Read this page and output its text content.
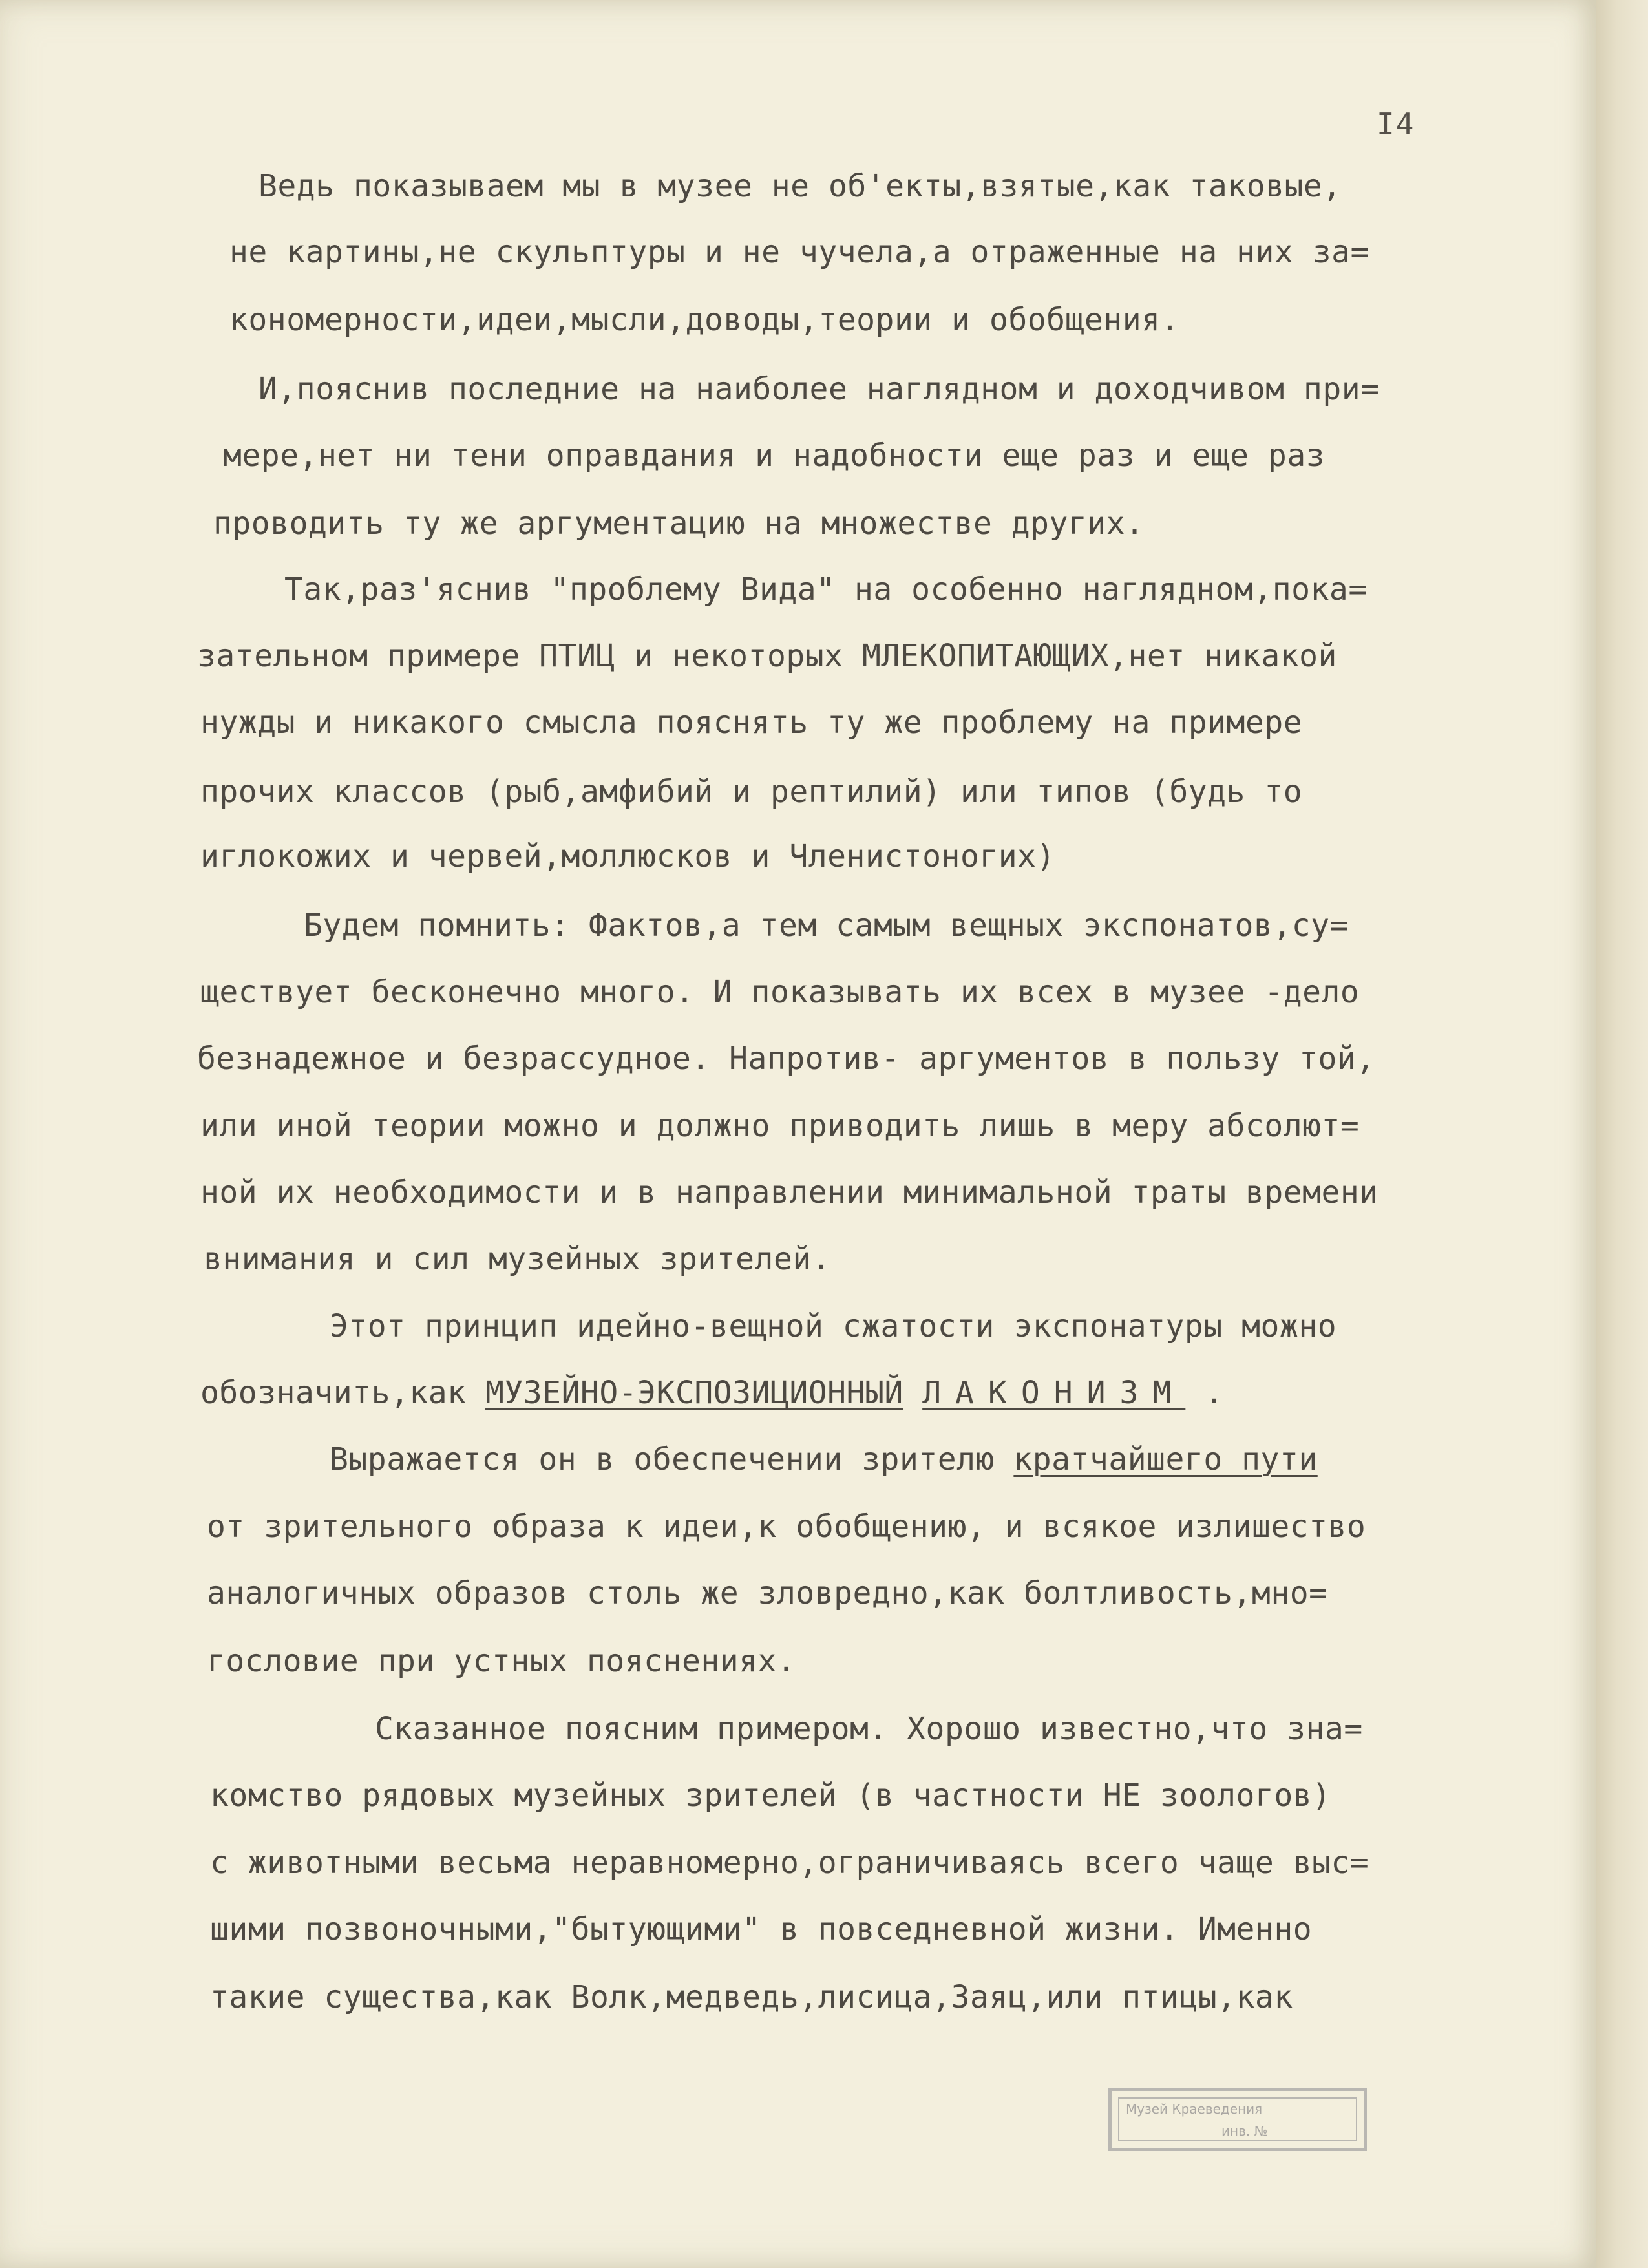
I4
Ведь показываем мы в музее не об'екты,взятые,как таковые,
не картины,не скульптуры и не чучела,а отраженные на них за=
кономерности,идеи,мысли,доводы,теории и обобщения.
И,пояснив последние на наиболее наглядном и доходчивом при=
мере,нет ни тени оправдания и надобности еще раз и еще раз
проводить ту же аргументацию на множестве других.
Так,раз'яснив "проблему Вида" на особенно наглядном,пока=
зательном примере ПТИЦ и некоторых МЛЕКОПИТАЮЩИХ,нет никакой
нужды и никакого смысла пояснять ту же проблему на примере
прочих классов (рыб,амфибий и рептилий) или типов (будь то
иглокожих и червей,моллюсков и Членистоногих)
Будем помнить: Фактов,а тем самым вещных экспонатов,су=
ществует бесконечно много. И показывать их всех в музее -дело
безнадежное и безрассудное. Напротив- аргументов в пользу той,
или иной теории можно и должно приводить лишь в меру абсолют=
ной их необходимости и в направлении минимальной траты времени
внимания и сил музейных зрителей.
Этот принцип идейно-вещной сжатости экспонатуры можно
обозначить,как МУЗЕЙНО-ЭКСПОЗИЦИОННЫЙ ЛАКОНИЗМ .
Выражается он в обеспечении зрителю кратчайшего пути
от зрительного образа к идеи,к обобщению, и всякое излишество
аналогичных образов столь же зловредно,как болтливость,мно=
гословие при устных пояснениях.
Сказанное поясним примером. Хорошо известно,что зна=
комство рядовых музейных зрителей (в частности НЕ зоологов)
с животными весьма неравномерно,ограничиваясь всего чаще выс=
шими позвоночными,"бытующими" в повседневной жизни. Именно
такие существа,как Волк,медведь,лисица,Заяц,или птицы,как
Музей Краеведения
инв. №
